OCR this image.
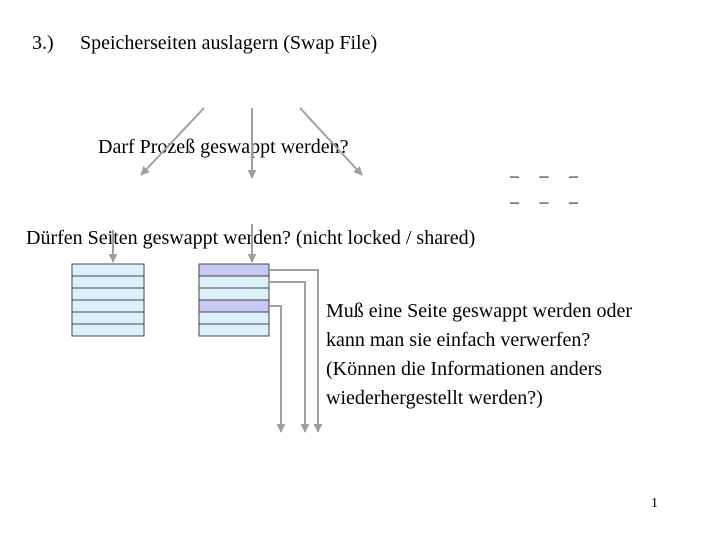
3.) Speicherseiten auslagern (Swap File)
Darf Prozeß geswappt werden?
_ _ _
_ _ _
Dürfen Seiten geswappt werden? (nicht locked / shared)
Muß eine Seite geswappt werden oder
kann man sie einfach verwerfen?
(Können die Informationen anders
wiederhergestellt werden?)
1
